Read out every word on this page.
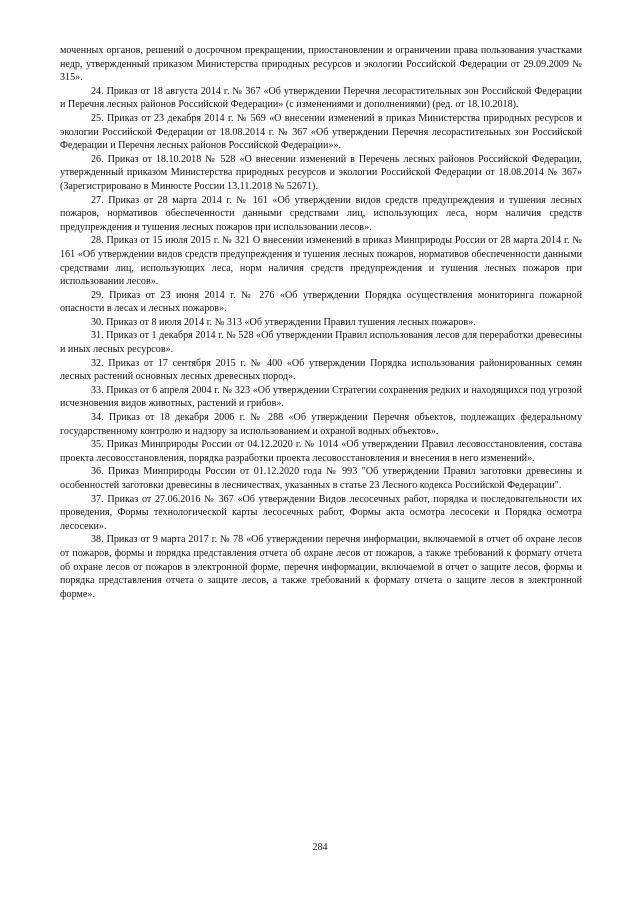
моченных органов, решений о досрочном прекращении, приостановлении и ограничении права пользования участками недр, утвержденный приказом Министерства природных ресурсов и экологии Российской Федерации от 29.09.2009 № 315».

24. Приказ от 18 августа 2014 г. № 367 «Об утверждении Перечня лесорастительных зон Российской Федерации и Перечня лесных районов Российской Федерации» (с изменениями и дополнениями) (ред. от 18.10.2018).

25. Приказ от 23 декабря 2014 г. № 569 «О внесении изменений в приказ Министерства природных ресурсов и экологии Российской Федерации от 18.08.2014 г. № 367 «Об утверждении Перечня лесорастительных зон Российской Федерации и Перечня лесных районов Российской Федерации»».

26. Приказ от 18.10.2018 № 528 «О внесении изменений в Перечень лесных районов Российской Федерации, утвержденный приказом Министерства природных ресурсов и экологии Российской Федерации от 18.08.2014 № 367» (Зарегистрировано в Минюсте России 13.11.2018 № 52671).

27. Приказ от 28 марта 2014 г. № 161 «Об утверждении видов средств предупреждения и тушения лесных пожаров, нормативов обеспеченности данными средствами лиц, использующих леса, норм наличия средств предупреждения и тушения лесных пожаров при использовании лесов».

28. Приказ от 15 июля 2015 г. № 321 О внесении изменений в приказ Минприроды России от 28 марта 2014 г. № 161 «Об утверждении видов средств предупреждения и тушения лесных пожаров, нормативов обеспеченности данными средствами лиц, использующих леса, норм наличия средств предупреждения и тушения лесных пожаров при использовании лесов».

29. Приказ от 23 июня 2014 г. № 276 «Об утверждении Порядка осуществления мониторинга пожарной опасности в лесах и лесных пожаров».

30. Приказ от 8 июля 2014 г. № 313 «Об утверждении Правил тушения лесных пожаров».

31. Приказ от 1 декабря 2014 г. № 528 «Об утверждении Правил использования лесов для переработки древесины и иных лесных ресурсов».

32. Приказ от 17 сентября 2015 г. № 400 «Об утверждении Порядка использования районированных семян лесных растений основных лесных древесных пород».

33. Приказ от 6 апреля 2004 г. № 323 «Об утверждении Стратегии сохранения редких и находящихся под угрозой исчезновения видов животных, растений и грибов».

34. Приказ от 18 декабря 2006 г. № 288 «Об утверждении Перечня объектов, подлежащих федеральному государственному контролю и надзору за использованием и охраной водных объектов».

35. Приказ Минприроды России от 04.12.2020 г. № 1014 «Об утверждении Правил лесовосстановления, состава проекта лесовосстановления, порядка разработки проекта лесовосстановления и внесения в него изменений».

36. Приказ Минприроды России от 01.12.2020 года № 993 "Об утверждении Правил заготовки древесины и особенностей заготовки древесины в лесничествах, указанных в статье 23 Лесного кодекса Российской Федерации".

37. Приказ от 27.06.2016 № 367 «Об утверждении Видов лесосечных работ, порядка и последовательности их проведения, Формы технологической карты лесосечных работ, Формы акта осмотра лесосеки и Порядка осмотра лесосеки».

38. Приказ от 9 марта 2017 г. № 78 «Об утверждении перечня информации, включаемой в отчет об охране лесов от пожаров, формы и порядка представления отчета об охране лесов от пожаров, а также требований к формату отчета об охране лесов от пожаров в электронной форме, перечня информации, включаемой в отчет о защите лесов, формы и порядка представления отчета о защите лесов, а также требований к формату отчета о защите лесов в электронной форме».

284
